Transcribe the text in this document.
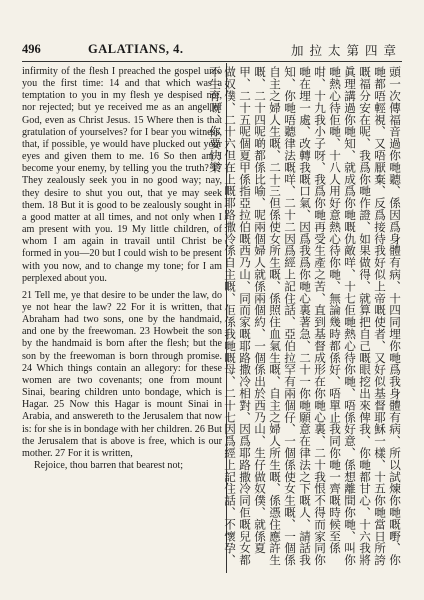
496	GALATIANS, 4.	加拉太第四章

infirmity of the flesh I preached the gospel unto you the first time: 14 and that which was a temptation to you in my flesh ye despised not, nor rejected; but ye received me as an angel of God, even as Christ Jesus. 15 Where then is that gratulation of yourselves? for I bear you witness, that, if possible, ye would have plucked out your eyes and given them to me. 16 So then am I become your enemy, by telling you the truth? 17 They zealously seek you in no good way; nay, they desire to shut you out, that ye may seek them. 18 But it is good to be zealously sought in a good matter at all times, and not only when I am present with you. 19 My little children, of whom I am again in travail until Christ be formed in you—20 but I could wish to be present with you now, and to change my tone; for I am perplexed about you.

21 Tell me, ye that desire to be under the law, do ye not hear the law? 22 For it is written, that Abraham had two sons, one by the handmaid, and one by the freewoman. 23 Howbeit the son by the handmaid is born after the flesh; but the son by the freewoman is born through promise. 24 Which things contain an allegory: for these women are two covenants; one from mount Sinai, bearing children unto bondage, which is Hagar. 25 Now this Hagar is mount Sinai in Arabia, and answereth to the Jerusalem that now is: for she is in bondage with her children. 26 But the Jerusalem that is above is free, which is our mother. 27 For it is written,

Rejoice, thou barren that bearest not;	頭一次傳福音過你哋聽、係因爲身體有病、十四同埋你哋爲我身體有病、所以試煉你哋嘅嘢、你哋都唔輕視、又唔厭棄、反爲接待我好似上帝嘅使者、又好似基督耶穌一樣、十五你哋當日所誇嘅福分安在呢、我爲你哋作證、如果做得、就算把自己嘅眼挖出來俾我、你哋都甘心、十六我將眞理講過你哋知、就成爲你哋嘅仇敵咩、十七佢哋熱心待你哋、唔係好意、係想離間你哋、叫你哋熱心待佢哋、十八人用好意熱心待你哋、無論幾時都係好、唔單止我同你哋一齊嘅時候至係咁、十九我小子呀、我爲你哋再受生產之苦、直到基督成形在你哋心裏、二十我恨不得而家同你哋在埋一處、改轉我嘅口氣、因爲我爲你哋心裏著急、二十一你哋願意在律法之下嘅人、請話我知、你哋唔聽律法嘅咩、二十二因爲經上記住話、亞伯拉罕有兩個仔、一個係使女生嘅、一個係自主之婦人生嘅、二十三但係使女所生嘅、係照住血氣生嘅、自主之婦人所生嘅、係憑住應許生嘅、二十四呢啲都係比喻、呢兩個婦人就係兩個約、一個係出於西乃山、生仔做奴僕、就係夏甲、二十五呢個夏甲係指亞拉伯嘅西乃山、同而家嘅耶路撒冷相對、因爲耶路撒冷同佢嘅兒女都做奴僕、二十六但在上嘅耶路撒冷係自主嘅、佢係我哋嘅母、二十七因爲經上記住話、不懷孕、不生育嘅、你要快樂
